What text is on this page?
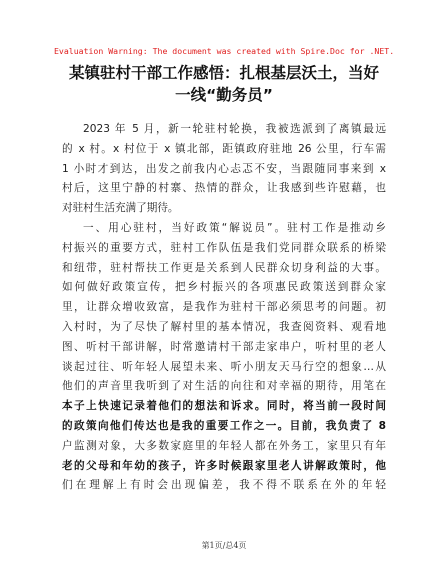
Evaluation Warning: The document was created with Spire.Doc for .NET.
某镇驻村干部工作感悟：扎根基层沃土，当好
一线“勤务员”
2023 年 5 月，新一轮驻村轮换，我被选派到了离镇最远
的 x 村。x 村位于 x 镇北部，距镇政府驻地 26 公里，行车需
1 小时才到达，出发之前我内心忐忑不安，当跟随同事来到 x
村后，这里宁静的村寨、热情的群众，让我感到些许慰藉，也
对驻村生活充满了期待。
一、用心驻村，当好政策“解说员”。驻村工作是推动乡
村振兴的重要方式，驻村工作队伍是我们党同群众联系的桥梁
和纽带，驻村帮扶工作更是关系到人民群众切身利益的大事。
如何做好政策宣传，把乡村振兴的各项惠民政策送到群众家
里，让群众增收致富，是我作为驻村干部必须思考的问题。初
入村时，为了尽快了解村里的基本情况，我查阅资料、观看地
图、听村干部讲解，时常邀请村干部走家串户，听村里的老人
谈起过往、听年轻人展望未来、听小朋友天马行空的想象…从
他们的声音里我听到了对生活的向往和对幸福的期待，用笔在
本子上快速记录着他们的想法和诉求。同时，将当前一段时间
的政策向他们传达也是我的重要工作之一。目前，我负责了 8
户监测对象，大多数家庭里的年轻人都在外务工，家里只有年
老的父母和年幼的孩子，许多时候跟家里老人讲解政策时，他
们在理解上有时会出现偏差，我不得不联系在外的年轻
第1页/总4页
